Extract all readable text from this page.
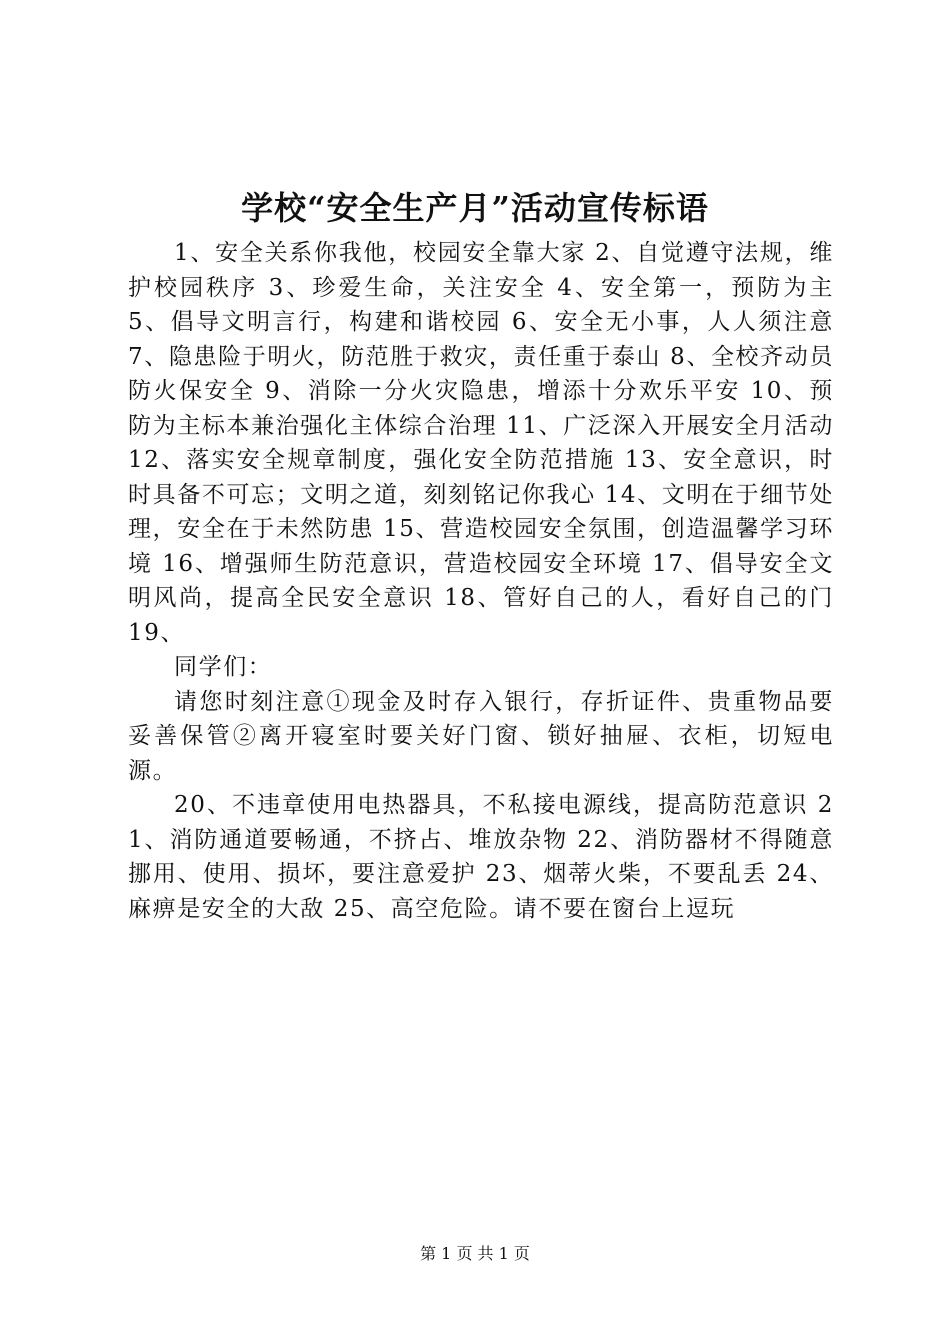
学校“安全生产月”活动宣传标语

1、安全关系你我他，校园安全靠大家 2、自觉遵守法规，维护校园秩序 3、珍爱生命，关注安全 4、安全第一，预防为主 5、倡导文明言行，构建和谐校园 6、安全无小事，人人须注意 7、隐患险于明火，防范胜于救灾，责任重于泰山 8、全校齐动员防火保安全 9、消除一分火灾隐患，增添十分欢乐平安 10、预防为主标本兼治强化主体综合治理 11、广泛深入开展安全月活动 12、落实安全规章制度，强化安全防范措施 13、安全意识，时时具备不可忘；文明之道，刻刻铭记你我心 14、文明在于细节处理，安全在于未然防患 15、营造校园安全氛围，创造温馨学习环境 16、增强师生防范意识，营造校园安全环境 17、倡导安全文明风尚，提高全民安全意识 18、管好自己的人，看好自己的门 19、

同学们：

请您时刻注意①现金及时存入银行，存折证件、贵重物品要妥善保管②离开寝室时要关好门窗、锁好抽屉、衣柜，切短电源。

20、不违章使用电热器具，不私接电源线，提高防范意识 21、消防通道要畅通，不挤占、堆放杂物 22、消防器材不得随意挪用、使用、损坏，要注意爱护 23、烟蒂火柴，不要乱丢 24、麻痹是安全的大敌 25、高空危险。请不要在窗台上逗玩

第 1 页 共 1 页
